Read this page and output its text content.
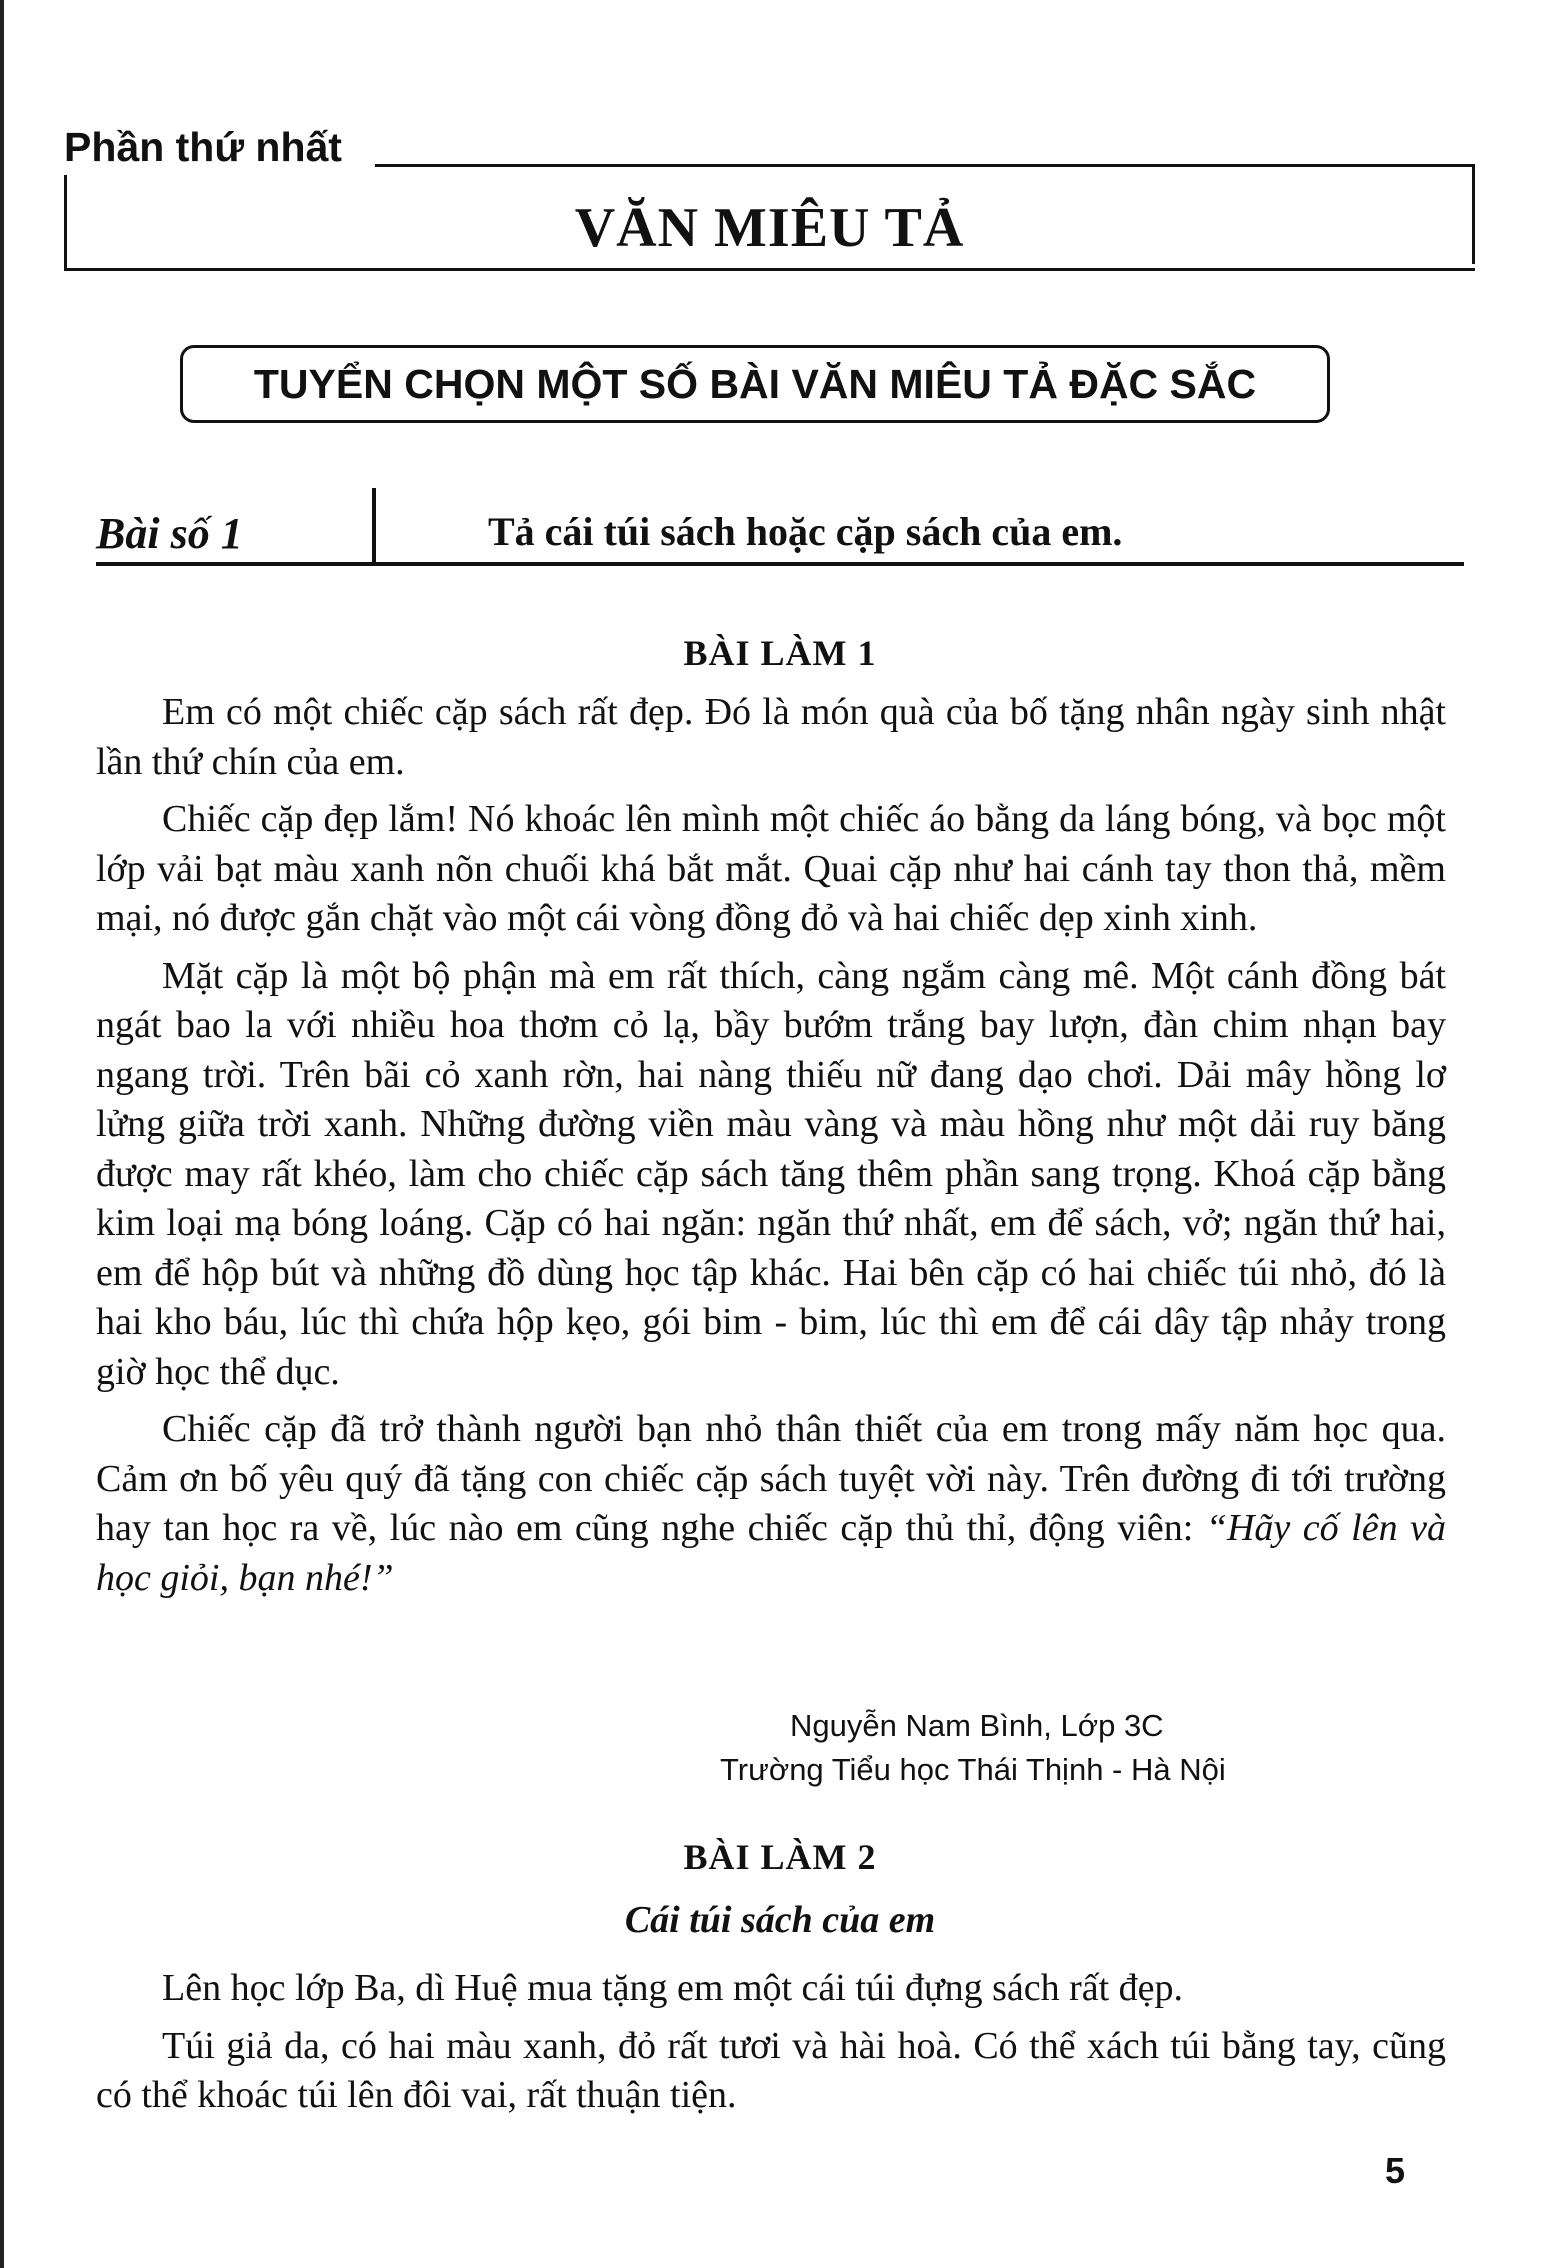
Phần thứ nhất
VĂN MIÊU TẢ
TUYỂN CHỌN MỘT SỐ BÀI VĂN MIÊU TẢ ĐẶC SẮC
Bài số 1	Tả cái túi sách hoặc cặp sách của em.
BÀI LÀM 1

Em có một chiếc cặp sách rất đẹp. Đó là món quà của bố tặng nhân ngày sinh nhật lần thứ chín của em.

Chiếc cặp đẹp lắm! Nó khoác lên mình một chiếc áo bằng da láng bóng, và bọc một lớp vải bạt màu xanh nõn chuối khá bắt mắt. Quai cặp như hai cánh tay thon thả, mềm mại, nó được gắn chặt vào một cái vòng đồng đỏ và hai chiếc dẹp xinh xinh.

Mặt cặp là một bộ phận mà em rất thích, càng ngắm càng mê. Một cánh đồng bát ngát bao la với nhiều hoa thơm cỏ lạ, bầy bướm trắng bay lượn, đàn chim nhạn bay ngang trời. Trên bãi cỏ xanh rờn, hai nàng thiếu nữ đang dạo chơi. Dải mây hồng lơ lửng giữa trời xanh. Những đường viền màu vàng và màu hồng như một dải ruy băng được may rất khéo, làm cho chiếc cặp sách tăng thêm phần sang trọng. Khoá cặp bằng kim loại mạ bóng loáng. Cặp có hai ngăn: ngăn thứ nhất, em để sách, vở; ngăn thứ hai, em để hộp bút và những đồ dùng học tập khác. Hai bên cặp có hai chiếc túi nhỏ, đó là hai kho báu, lúc thì chứa hộp kẹo, gói bim - bim, lúc thì em để cái dây tập nhảy trong giờ học thể dục.

Chiếc cặp đã trở thành người bạn nhỏ thân thiết của em trong mấy năm học qua. Cảm ơn bố yêu quý đã tặng con chiếc cặp sách tuyệt vời này. Trên đường đi tới trường hay tan học ra về, lúc nào em cũng nghe chiếc cặp thủ thỉ, động viên: “Hãy cố lên và học giỏi, bạn nhé!”

Nguyễn Nam Bình, Lớp 3C
Trường Tiểu học Thái Thịnh - Hà Nội
BÀI LÀM 2
Cái túi sách của em

Lên học lớp Ba, dì Huệ mua tặng em một cái túi đựng sách rất đẹp.

Túi giả da, có hai màu xanh, đỏ rất tươi và hài hoà. Có thể xách túi bằng tay, cũng có thể khoác túi lên đôi vai, rất thuận tiện.

5
